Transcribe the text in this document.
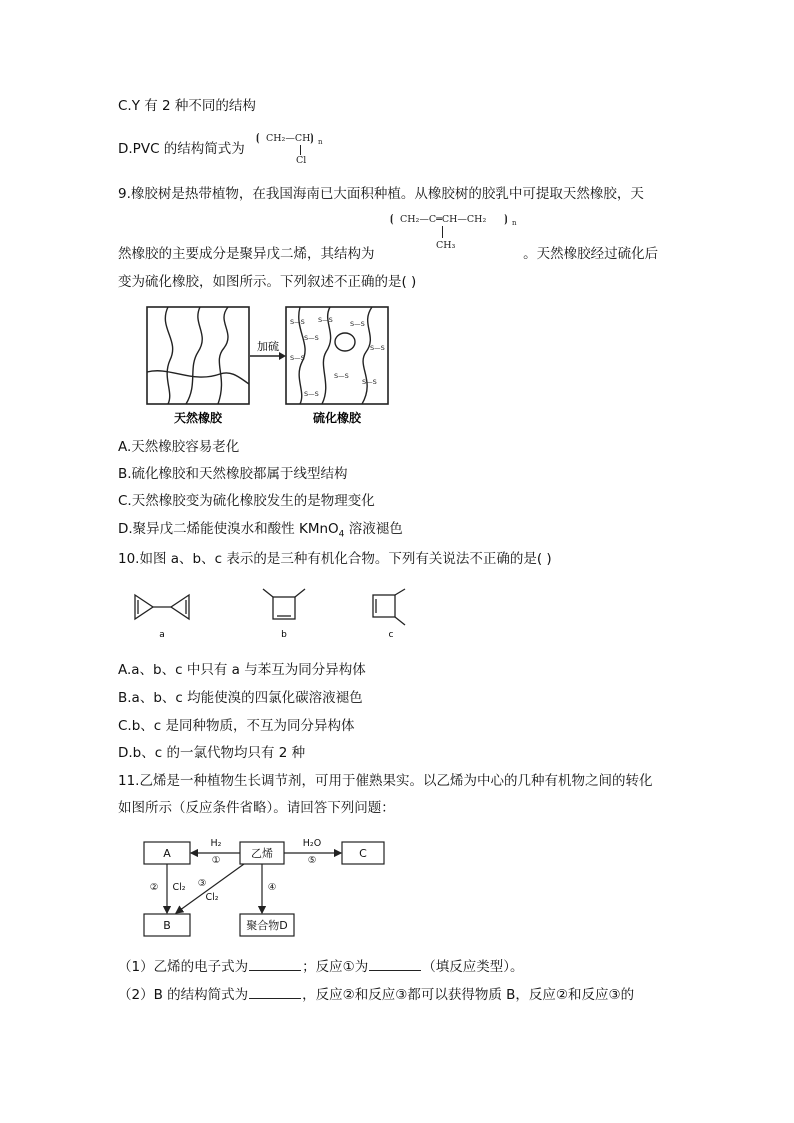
C.Y 有 2 种不同的结构
D.PVC 的结构简式为
⦗ CH₂—CH ⦘ n
Cl
9.橡胶树是热带植物，在我国海南已大面积种植。从橡胶树的胶乳中可提取天然橡胶，天
⦗ CH₂—C═CH—CH₂ ⦘ n
CH₃
然橡胶的主要成分是聚异戊二烯，其结构为	。天然橡胶经过硫化后
变为硫化橡胶，如图所示。下列叙述不正确的是( )
加硫
S—S S—S	S—S
S—S
S—S
S—S
S—S
S—S
S—S
天然橡胶	硫化橡胶
A.天然橡胶容易老化
B.硫化橡胶和天然橡胶都属于线型结构
C.天然橡胶变为硫化橡胶发生的是物理变化
D.聚异戊二烯能使溴水和酸性 KMnO$_4$ 溶液褪色
10.如图 a、b、c 表示的是三种有机化合物。下列有关说法不正确的是( )
a	b	c
A.a、b、c 中只有 a 与苯互为同分异构体
B.a、b、c 均能使溴的四氯化碳溶液褪色
C.b、c 是同种物质，不互为同分异构体
D.b、c 的一氯代物均只有 2 种
11.乙烯是一种植物生长调节剂，可用于催熟果实。以乙烯为中心的几种有机物之间的转化
如图所示（反应条件省略）。请回答下列问题：
A	乙烯	C
B	聚合物D
H₂
①
H₂O
⑤
② Cl₂ ③
Cl₂
④
（1）乙烯的电子式为	；反应①为	（填反应类型）。
（2）B 的结构简式为	，反应②和反应③都可以获得物质 B，反应②和反应③的
